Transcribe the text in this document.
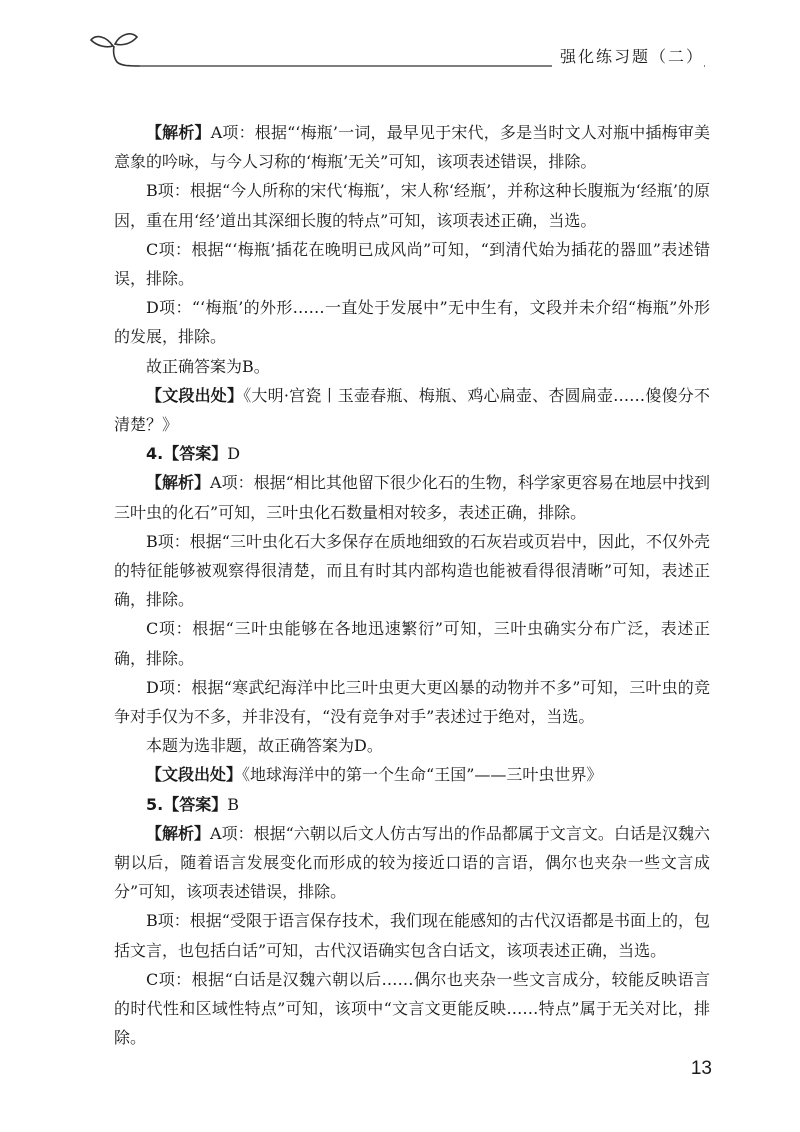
强化练习题（二）

【解析】A项：根据“‘梅瓶’一词，最早见于宋代，多是当时文人对瓶中插梅审美意象的吟咏，与今人习称的‘梅瓶’无关”可知，该项表述错误，排除。

B项：根据“今人所称的宋代‘梅瓶’，宋人称‘经瓶’，并称这种长腹瓶为‘经瓶’的原因，重在用‘经’道出其深细长腹的特点”可知，该项表述正确，当选。

C项：根据“‘梅瓶’插花在晚明已成风尚”可知，“到清代始为插花的器皿”表述错误，排除。

D项：“‘梅瓶’的外形……一直处于发展中”无中生有，文段并未介绍“梅瓶”外形的发展，排除。

故正确答案为B。

【文段出处】《大明·宫瓷丨玉壶春瓶、梅瓶、鸡心扁壶、杏圆扁壶……傻傻分不清楚？》

4.【答案】D

【解析】A项：根据“相比其他留下很少化石的生物，科学家更容易在地层中找到三叶虫的化石”可知，三叶虫化石数量相对较多，表述正确，排除。

B项：根据“三叶虫化石大多保存在质地细致的石灰岩或页岩中，因此，不仅外壳的特征能够被观察得很清楚，而且有时其内部构造也能被看得很清晰”可知，表述正确，排除。

C项：根据“三叶虫能够在各地迅速繁衍”可知，三叶虫确实分布广泛，表述正确，排除。

D项：根据“寒武纪海洋中比三叶虫更大更凶暴的动物并不多”可知，三叶虫的竞争对手仅为不多，并非没有，“没有竞争对手”表述过于绝对，当选。

本题为选非题，故正确答案为D。

【文段出处】《地球海洋中的第一个生命“王国”——三叶虫世界》

5.【答案】B

【解析】A项：根据“六朝以后文人仿古写出的作品都属于文言文。白话是汉魏六朝以后，随着语言发展变化而形成的较为接近口语的言语，偶尔也夹杂一些文言成分”可知，该项表述错误，排除。

B项：根据“受限于语言保存技术，我们现在能感知的古代汉语都是书面上的，包括文言，也包括白话”可知，古代汉语确实包含白话文，该项表述正确，当选。

C项：根据“白话是汉魏六朝以后……偶尔也夹杂一些文言成分，较能反映语言的时代性和区域性特点”可知，该项中“文言文更能反映……特点”属于无关对比，排除。

13
